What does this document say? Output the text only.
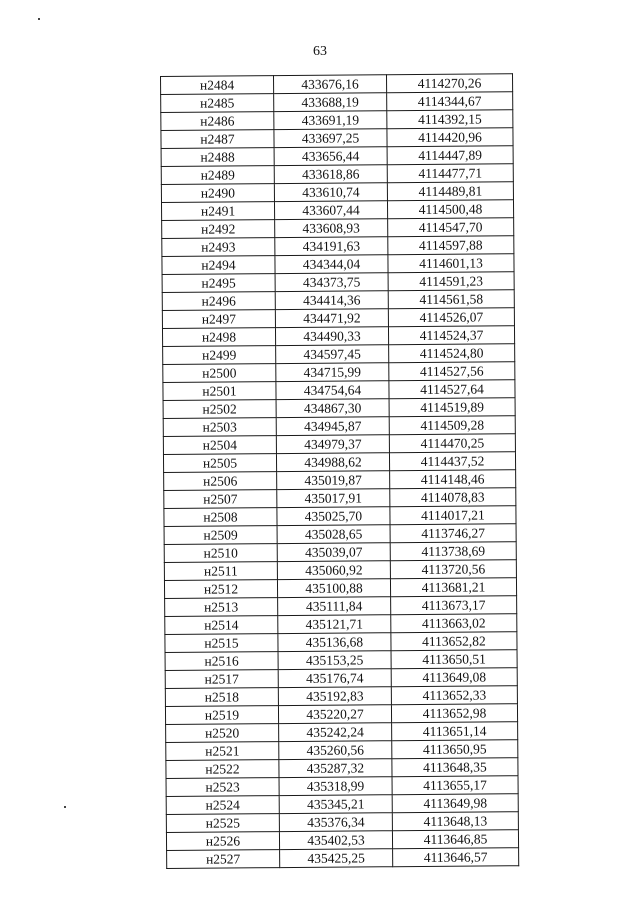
63
н2484	433676,16	4114270,26
н2485	433688,19	4114344,67
н2486	433691,19	4114392,15
н2487	433697,25	4114420,96
н2488	433656,44	4114447,89
н2489	433618,86	4114477,71
н2490	433610,74	4114489,81
н2491	433607,44	4114500,48
н2492	433608,93	4114547,70
н2493	434191,63	4114597,88
н2494	434344,04	4114601,13
н2495	434373,75	4114591,23
н2496	434414,36	4114561,58
н2497	434471,92	4114526,07
н2498	434490,33	4114524,37
н2499	434597,45	4114524,80
н2500	434715,99	4114527,56
н2501	434754,64	4114527,64
н2502	434867,30	4114519,89
н2503	434945,87	4114509,28
н2504	434979,37	4114470,25
н2505	434988,62	4114437,52
н2506	435019,87	4114148,46
н2507	435017,91	4114078,83
н2508	435025,70	4114017,21
н2509	435028,65	4113746,27
н2510	435039,07	4113738,69
н2511	435060,92	4113720,56
н2512	435100,88	4113681,21
н2513	435111,84	4113673,17
н2514	435121,71	4113663,02
н2515	435136,68	4113652,82
н2516	435153,25	4113650,51
н2517	435176,74	4113649,08
н2518	435192,83	4113652,33
н2519	435220,27	4113652,98
н2520	435242,24	4113651,14
н2521	435260,56	4113650,95
н2522	435287,32	4113648,35
н2523	435318,99	4113655,17
н2524	435345,21	4113649,98
н2525	435376,34	4113648,13
н2526	435402,53	4113646,85
н2527	435425,25	4113646,57
